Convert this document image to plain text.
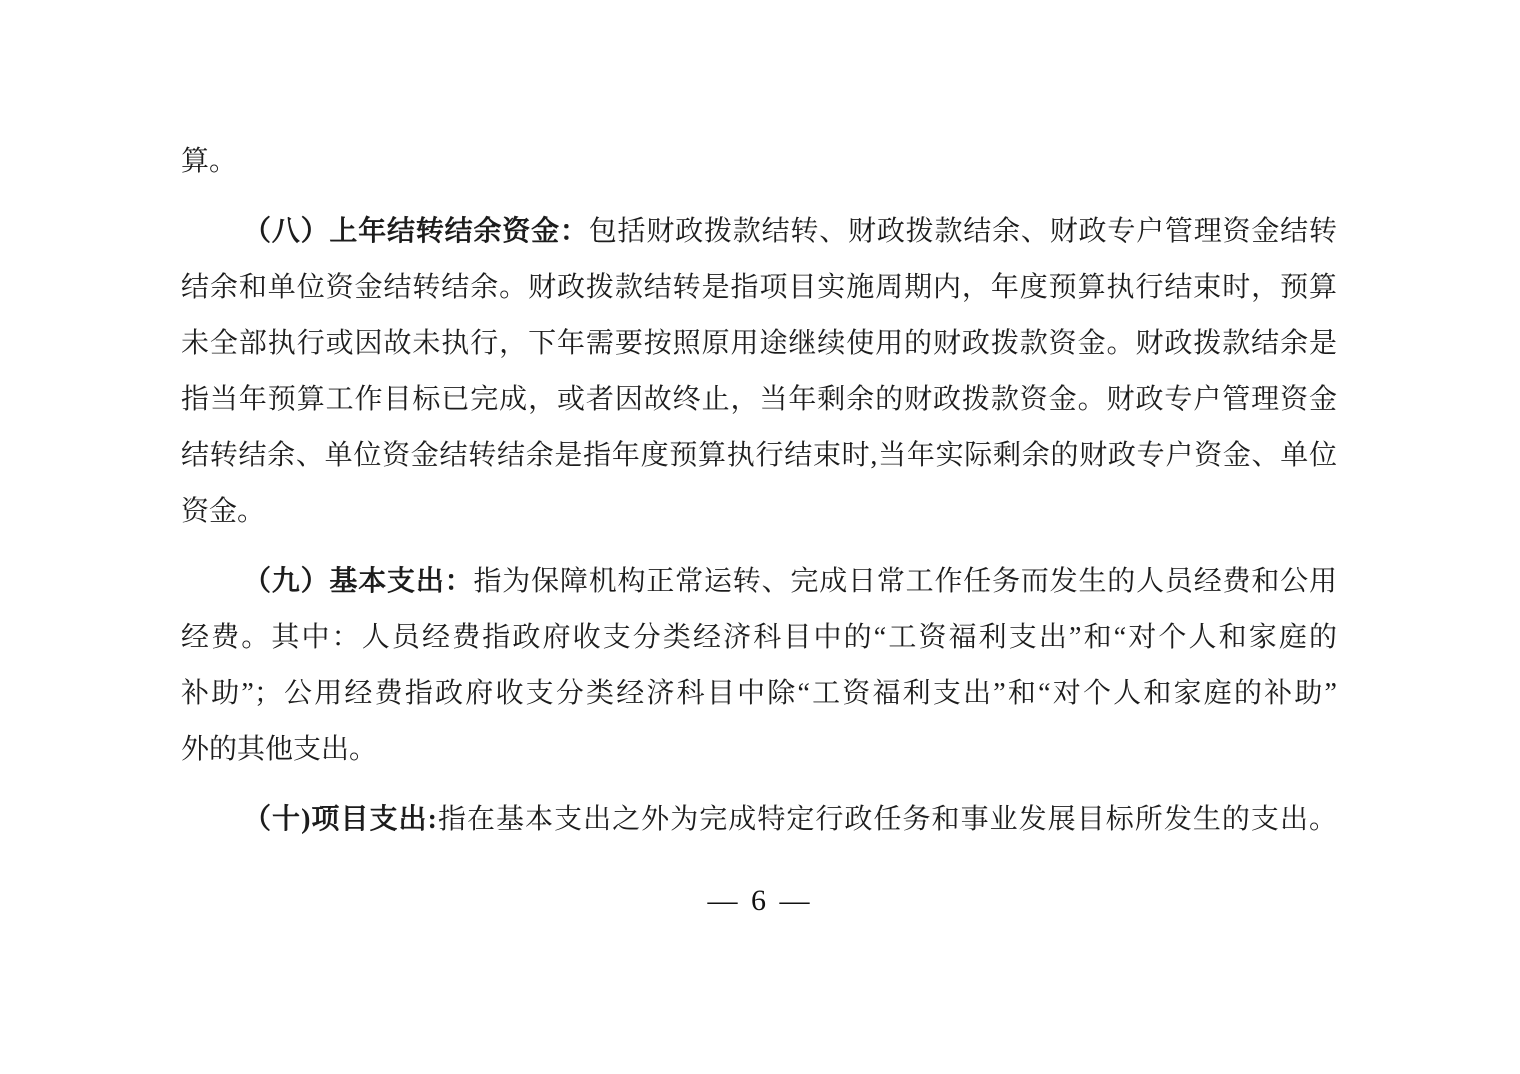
算。
（八）上年结转结余资金：包括财政拨款结转、财政拨款结余、财政专户管理资金结转
结余和单位资金结转结余。财政拨款结转是指项目实施周期内，年度预算执行结束时，预算
未全部执行或因故未执行，下年需要按照原用途继续使用的财政拨款资金。财政拨款结余是
指当年预算工作目标已完成，或者因故终止，当年剩余的财政拨款资金。财政专户管理资金
结转结余、单位资金结转结余是指年度预算执行结束时,当年实际剩余的财政专户资金、单位
资金。
（九）基本支出：指为保障机构正常运转、完成日常工作任务而发生的人员经费和公用
经费。其中：人员经费指政府收支分类经济科目中的“工资福利支出”和“对个人和家庭的
补助”；公用经费指政府收支分类经济科目中除“工资福利支出”和“对个人和家庭的补助”
外的其他支出。
（十)项目支出:指在基本支出之外为完成特定行政任务和事业发展目标所发生的支出。
— 6 —
